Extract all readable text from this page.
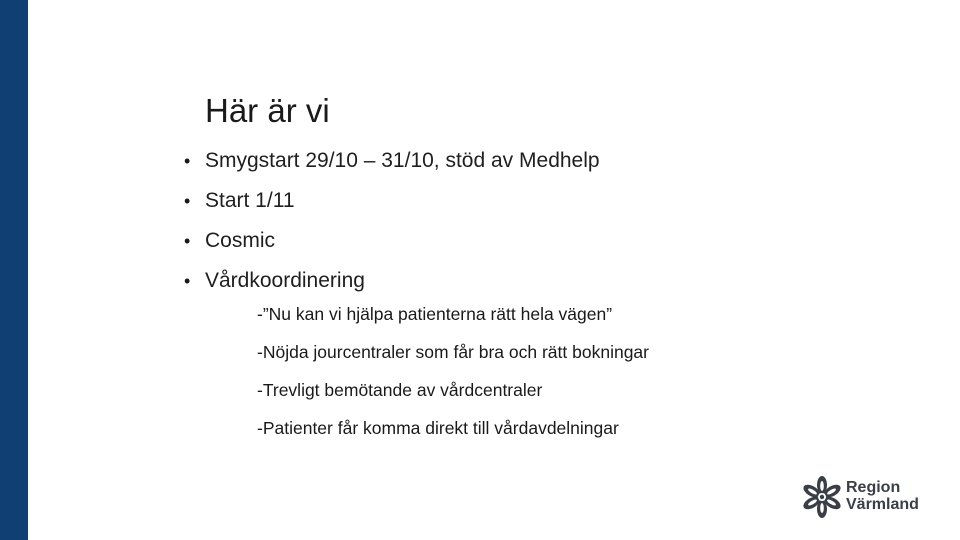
Här är vi
• Smygstart 29/10 – 31/10, stöd av Medhelp
• Start 1/11
• Cosmic
• Vårdkoordinering
-”Nu kan vi hjälpa patienterna rätt hela vägen”
-Nöjda jourcentraler som får bra och rätt bokningar
-Trevligt bemötande av vårdcentraler
-Patienter får komma direkt till vårdavdelningar
Region
Värmland
